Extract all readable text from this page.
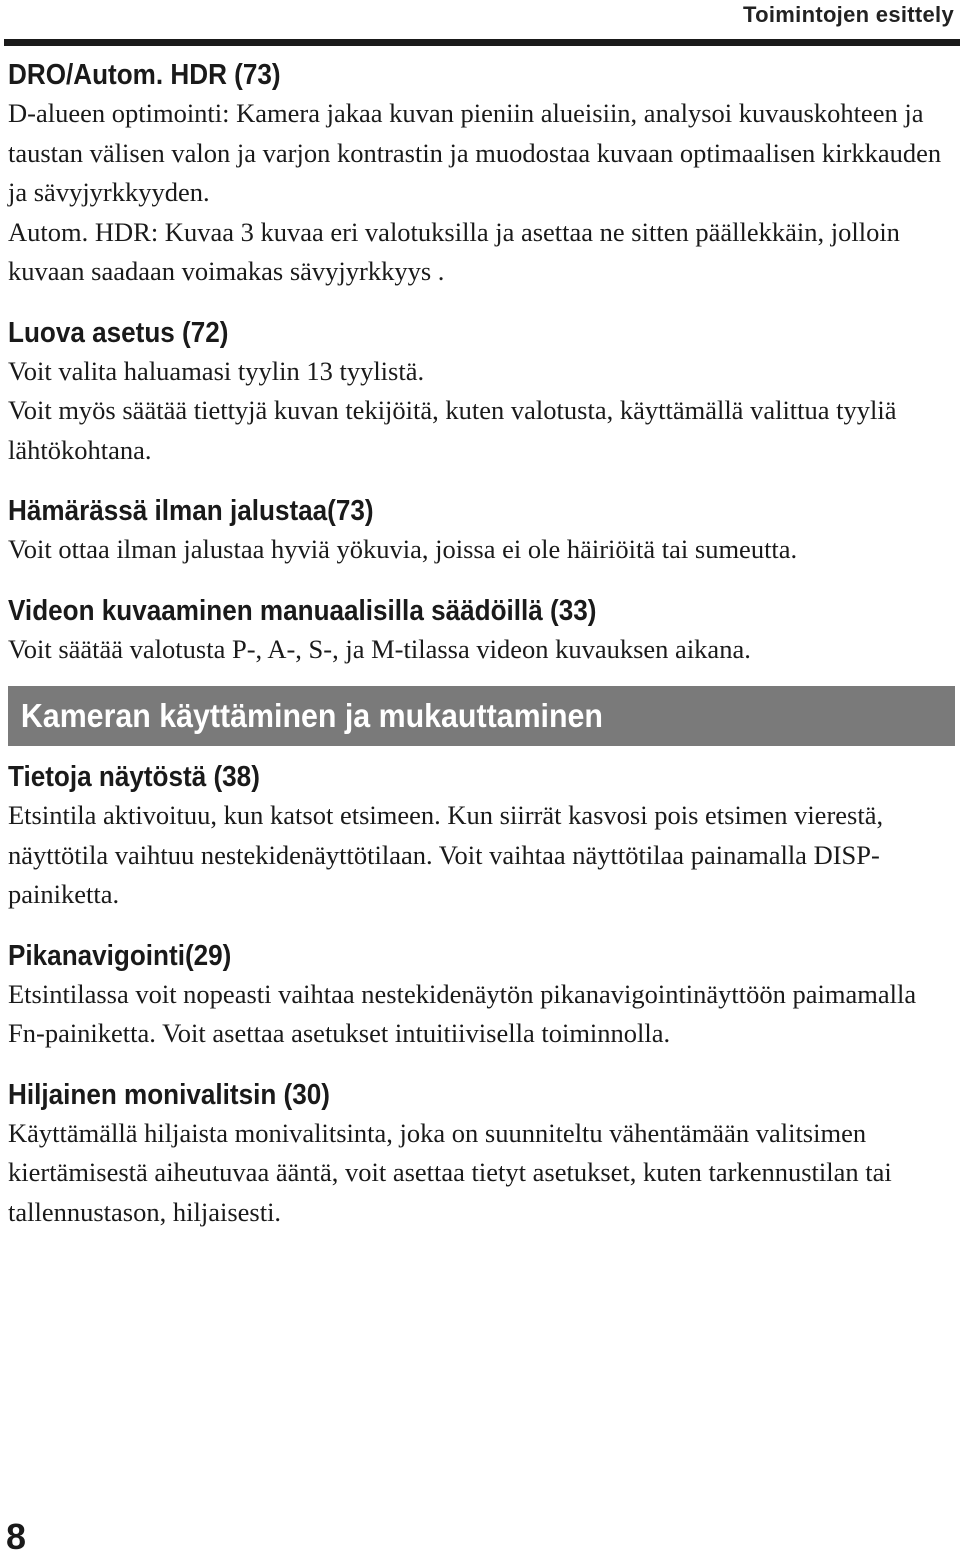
Toimintojen esittely
DRO/Autom. HDR (73)

D-alueen optimointi: Kamera jakaa kuvan pieniin alueisiin, analysoi kuvauskohteen ja taustan välisen valon ja varjon kontrastin ja muodostaa kuvaan optimaalisen kirkkauden ja sävyjyrkkyyden.

Autom. HDR: Kuvaa 3 kuvaa eri valotuksilla ja asettaa ne sitten päällekkäin, jolloin kuvaan saadaan voimakas sävyjyrkkyys .

Luova asetus (72)

Voit valita haluamasi tyylin 13 tyylistä.

Voit myös säätää tiettyjä kuvan tekijöitä, kuten valotusta, käyttämällä valittua tyyliä lähtökohtana.

Hämärässä ilman jalustaa(73)

Voit ottaa ilman jalustaa hyviä yökuvia, joissa ei ole häiriöitä tai sumeutta.

Videon kuvaaminen manuaalisilla säädöillä (33)

Voit säätää valotusta P-, A-, S-, ja M-tilassa videon kuvauksen aikana.

Kameran käyttäminen ja mukauttaminen
Tietoja näytöstä (38)

Etsintila aktivoituu, kun katsot etsimeen. Kun siirrät kasvosi pois etsimen vierestä, näyttötila vaihtuu nestekidenäyttötilaan. Voit vaihtaa näyttötilaa painamalla DISP-painiketta.

Pikanavigointi(29)

Etsintilassa voit nopeasti vaihtaa nestekidenäytön pikanavigointinäyttöön paimamalla Fn-painiketta. Voit asettaa asetukset intuitiivisella toiminnolla.

Hiljainen monivalitsin (30)

Käyttämällä hiljaista monivalitsinta, joka on suunniteltu vähentämään valitsimen kiertämisestä aiheutuvaa ääntä, voit asettaa tietyt asetukset, kuten tarkennustilan tai tallennustason, hiljaisesti.

8
